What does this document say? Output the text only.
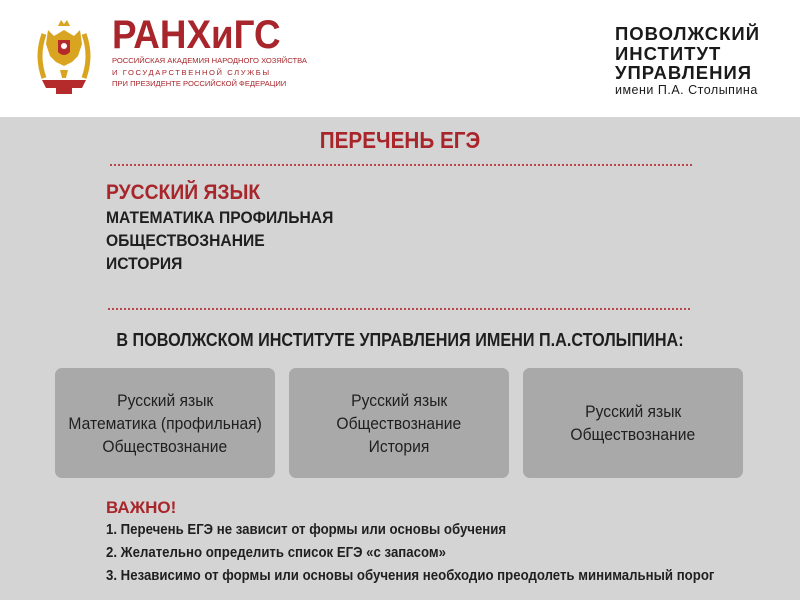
РАНХиГС
РОССИЙСКАЯ АКАДЕМИЯ НАРОДНОГО ХОЗЯЙСТВА
И ГОСУДАРСТВЕННОЙ СЛУЖБЫ
ПРИ ПРЕЗИДЕНТЕ РОССИЙСКОЙ ФЕДЕРАЦИИ
ПОВОЛЖСКИЙ
ИНСТИТУТ
УПРАВЛЕНИЯ
имени П.А. Столыпина
ПЕРЕЧЕНЬ ЕГЭ
РУССКИЙ ЯЗЫК
МАТЕМАТИКА ПРОФИЛЬНАЯ
ОБЩЕСТВОЗНАНИЕ
ИСТОРИЯ
В ПОВОЛЖСКОМ ИНСТИТУТЕ УПРАВЛЕНИЯ ИМЕНИ П.А.СТОЛЫПИНА:
Русский язык
Математика (профильная)
Обществознание
Русский язык
Обществознание
История
Русский язык
Обществознание
ВАЖНО!
1. Перечень ЕГЭ не зависит от формы или основы обучения
2. Желательно определить список ЕГЭ «с запасом»
3. Независимо от формы или основы обучения необходио преодолеть минимальный порог
